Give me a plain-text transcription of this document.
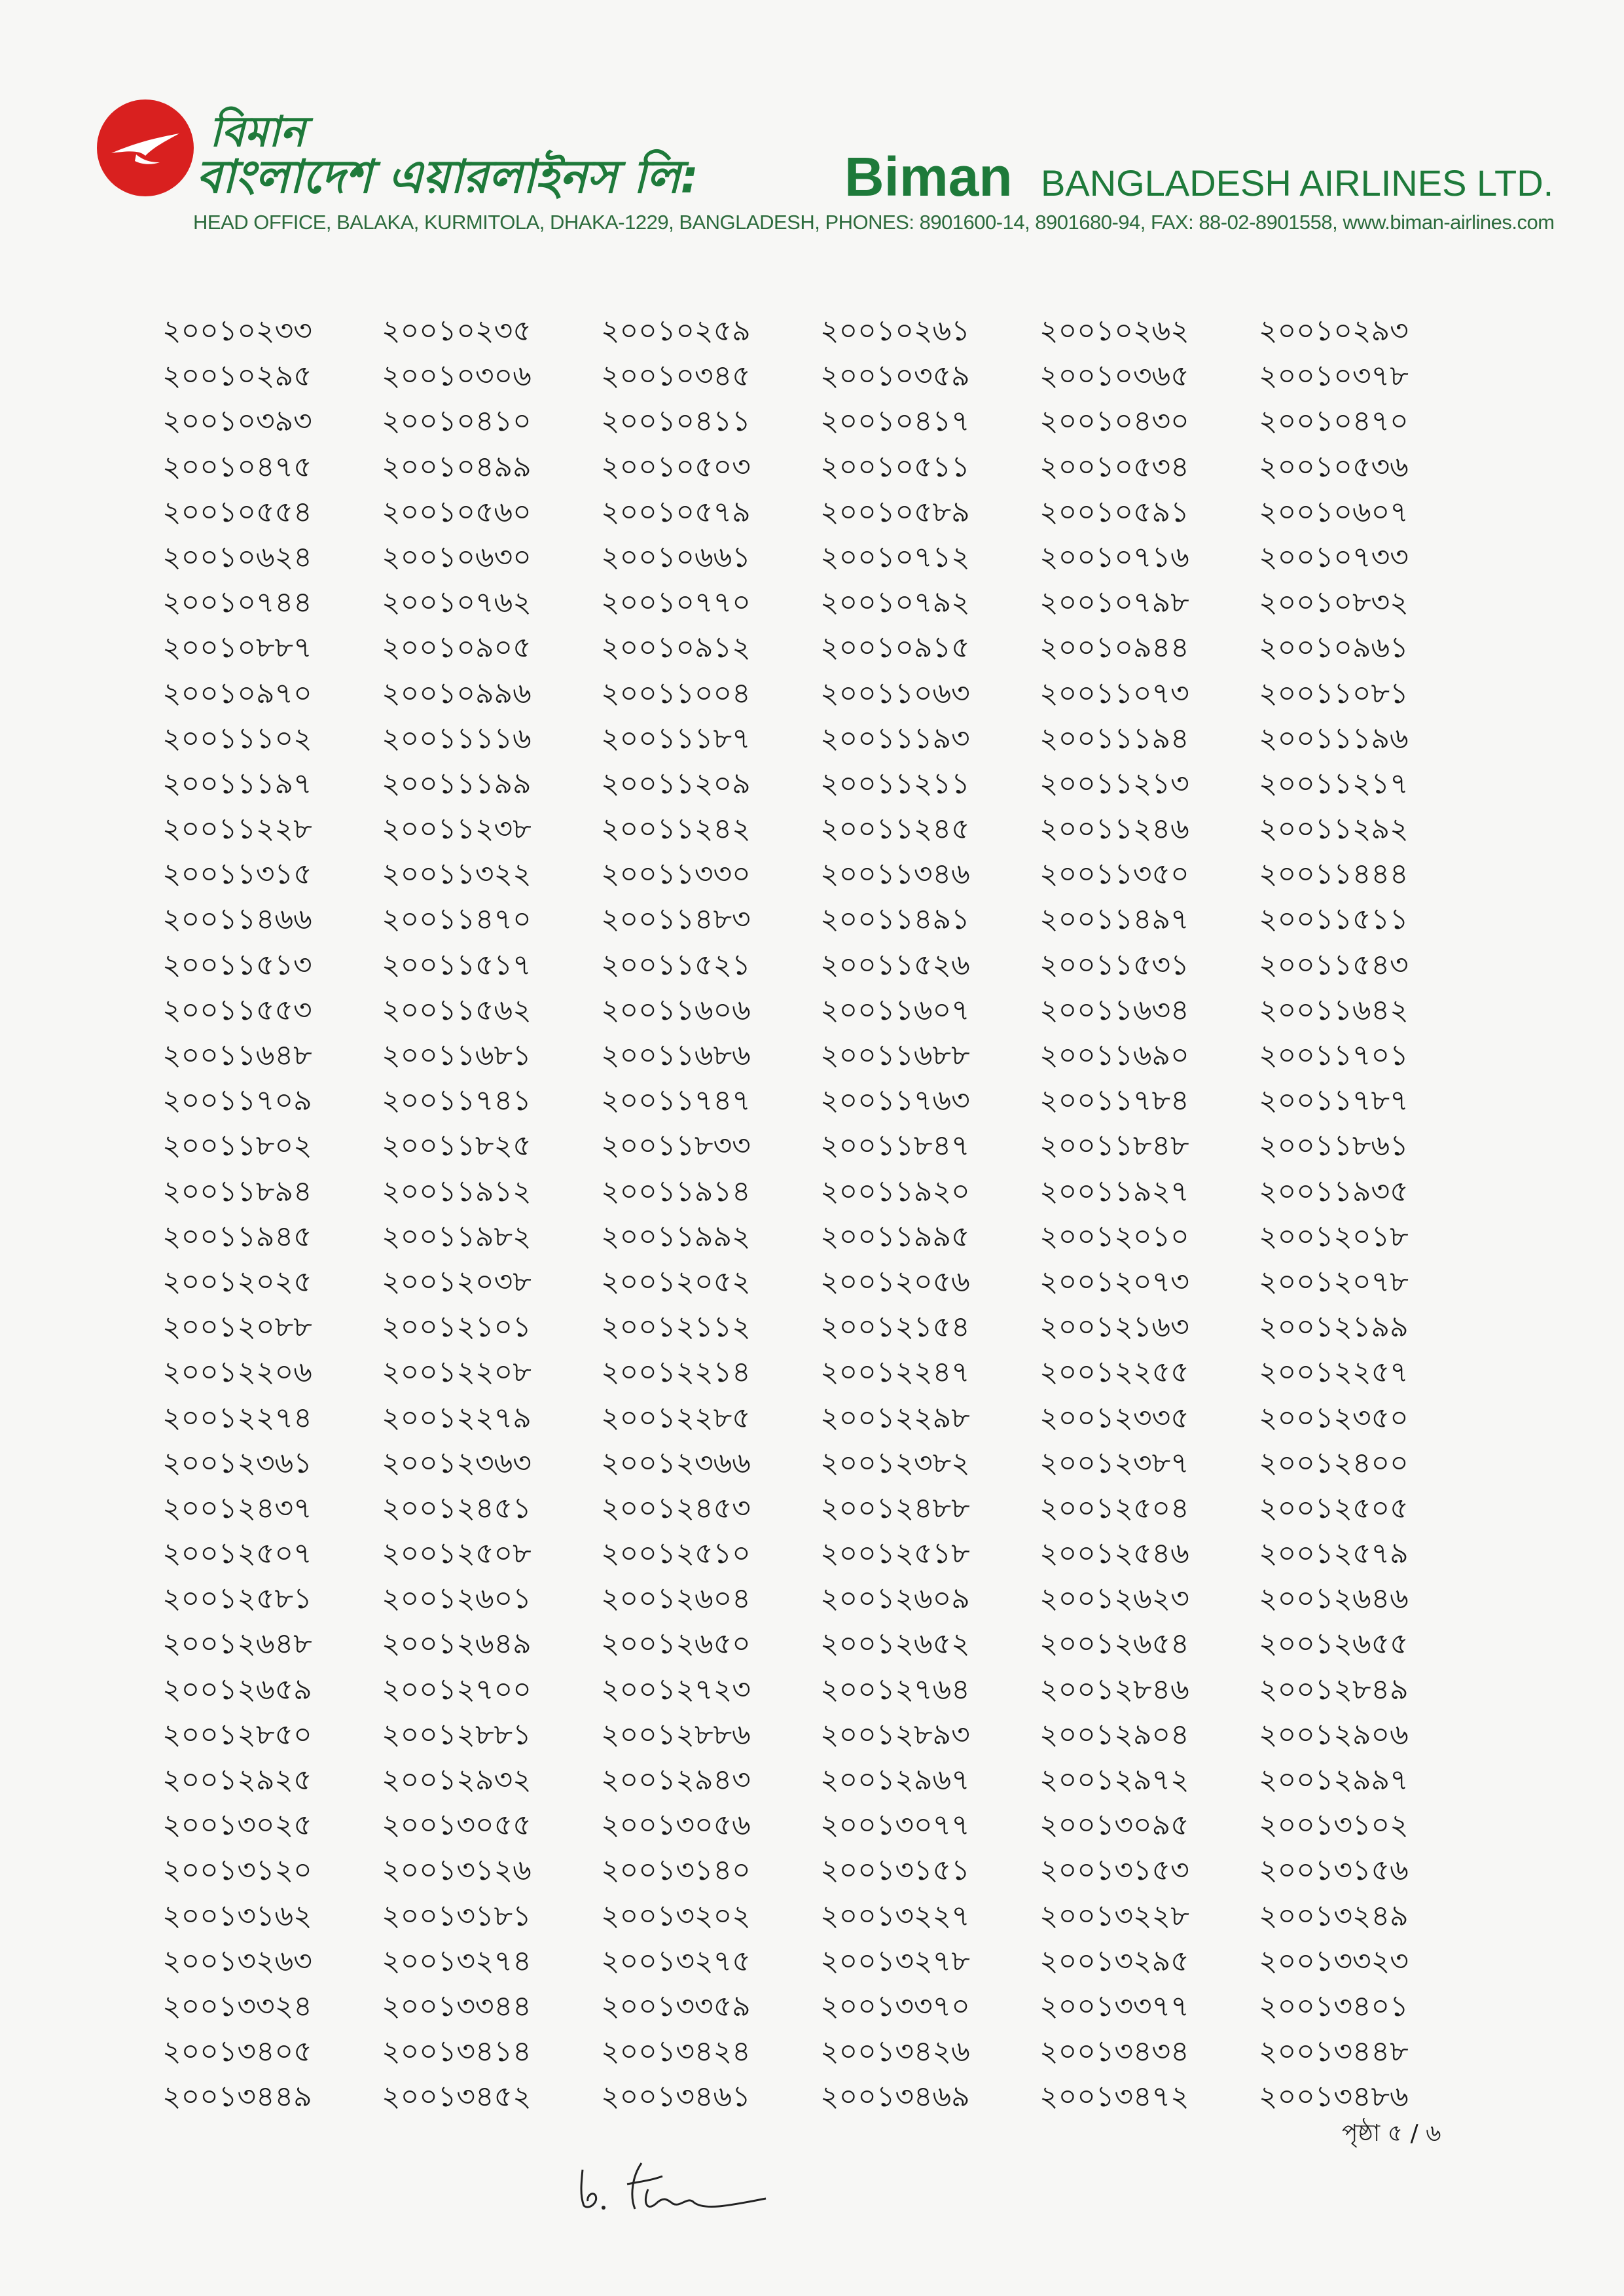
বিমান
বাংলাদেশ এয়ারলাইনস লি:	Biman BANGLADESH AIRLINES LTD.
HEAD OFFICE, BALAKA, KURMITOLA, DHAKA-1229, BANGLADESH, PHONES: 8901600-14, 8901680-94, FAX: 88-02-8901558, www.biman-airlines.com
২০০১০২৩৩	২০০১০২৩৫	২০০১০২৫৯	২০০১০২৬১	২০০১০২৬২	২০০১০২৯৩
২০০১০২৯৫	২০০১০৩০৬	২০০১০৩৪৫	২০০১০৩৫৯	২০০১০৩৬৫	২০০১০৩৭৮
২০০১০৩৯৩	২০০১০৪১০	২০০১০৪১১	২০০১০৪১৭	২০০১০৪৩০	২০০১০৪৭০
২০০১০৪৭৫	২০০১০৪৯৯	২০০১০৫০৩	২০০১০৫১১	২০০১০৫৩৪	২০০১০৫৩৬
২০০১০৫৫৪	২০০১০৫৬০	২০০১০৫৭৯	২০০১০৫৮৯	২০০১০৫৯১	২০০১০৬০৭
২০০১০৬২৪	২০০১০৬৩০	২০০১০৬৬১	২০০১০৭১২	২০০১০৭১৬	২০০১০৭৩৩
২০০১০৭৪৪	২০০১০৭৬২	২০০১০৭৭০	২০০১০৭৯২	২০০১০৭৯৮	২০০১০৮৩২
২০০১০৮৮৭	২০০১০৯০৫	২০০১০৯১২	২০০১০৯১৫	২০০১০৯৪৪	২০০১০৯৬১
২০০১০৯৭০	২০০১০৯৯৬	২০০১১০০৪	২০০১১০৬৩	২০০১১০৭৩	২০০১১০৮১
২০০১১১০২	২০০১১১১৬	২০০১১১৮৭	২০০১১১৯৩	২০০১১১৯৪	২০০১১১৯৬
২০০১১১৯৭	২০০১১১৯৯	২০০১১২০৯	২০০১১২১১	২০০১১২১৩	২০০১১২১৭
২০০১১২২৮	২০০১১২৩৮	২০০১১২৪২	২০০১১২৪৫	২০০১১২৪৬	২০০১১২৯২
২০০১১৩১৫	২০০১১৩২২	২০০১১৩৩০	২০০১১৩৪৬	২০০১১৩৫০	২০০১১৪৪৪
২০০১১৪৬৬	২০০১১৪৭০	২০০১১৪৮৩	২০০১১৪৯১	২০০১১৪৯৭	২০০১১৫১১
২০০১১৫১৩	২০০১১৫১৭	২০০১১৫২১	২০০১১৫২৬	২০০১১৫৩১	২০০১১৫৪৩
২০০১১৫৫৩	২০০১১৫৬২	২০০১১৬০৬	২০০১১৬০৭	২০০১১৬৩৪	২০০১১৬৪২
২০০১১৬৪৮	২০০১১৬৮১	২০০১১৬৮৬	২০০১১৬৮৮	২০০১১৬৯০	২০০১১৭০১
২০০১১৭০৯	২০০১১৭৪১	২০০১১৭৪৭	২০০১১৭৬৩	২০০১১৭৮৪	২০০১১৭৮৭
২০০১১৮০২	২০০১১৮২৫	২০০১১৮৩৩	২০০১১৮৪৭	২০০১১৮৪৮	২০০১১৮৬১
২০০১১৮৯৪	২০০১১৯১২	২০০১১৯১৪	২০০১১৯২০	২০০১১৯২৭	২০০১১৯৩৫
২০০১১৯৪৫	২০০১১৯৮২	২০০১১৯৯২	২০০১১৯৯৫	২০০১২০১০	২০০১২০১৮
২০০১২০২৫	২০০১২০৩৮	২০০১২০৫২	২০০১২০৫৬	২০০১২০৭৩	২০০১২০৭৮
২০০১২০৮৮	২০০১২১০১	২০০১২১১২	২০০১২১৫৪	২০০১২১৬৩	২০০১২১৯৯
২০০১২২০৬	২০০১২২০৮	২০০১২২১৪	২০০১২২৪৭	২০০১২২৫৫	২০০১২২৫৭
২০০১২২৭৪	২০০১২২৭৯	২০০১২২৮৫	২০০১২২৯৮	২০০১২৩৩৫	২০০১২৩৫০
২০০১২৩৬১	২০০১২৩৬৩	২০০১২৩৬৬	২০০১২৩৮২	২০০১২৩৮৭	২০০১২৪০০
২০০১২৪৩৭	২০০১২৪৫১	২০০১২৪৫৩	২০০১২৪৮৮	২০০১২৫০৪	২০০১২৫০৫
২০০১২৫০৭	২০০১২৫০৮	২০০১২৫১০	২০০১২৫১৮	২০০১২৫৪৬	২০০১২৫৭৯
২০০১২৫৮১	২০০১২৬০১	২০০১২৬০৪	২০০১২৬০৯	২০০১২৬২৩	২০০১২৬৪৬
২০০১২৬৪৮	২০০১২৬৪৯	২০০১২৬৫০	২০০১২৬৫২	২০০১২৬৫৪	২০০১২৬৫৫
২০০১২৬৫৯	২০০১২৭০০	২০০১২৭২৩	২০০১২৭৬৪	২০০১২৮৪৬	২০০১২৮৪৯
২০০১২৮৫০	২০০১২৮৮১	২০০১২৮৮৬	২০০১২৮৯৩	২০০১২৯০৪	২০০১২৯০৬
২০০১২৯২৫	২০০১২৯৩২	২০০১২৯৪৩	২০০১২৯৬৭	২০০১২৯৭২	২০০১২৯৯৭
২০০১৩০২৫	২০০১৩০৫৫	২০০১৩০৫৬	২০০১৩০৭৭	২০০১৩০৯৫	২০০১৩১০২
২০০১৩১২০	২০০১৩১২৬	২০০১৩১৪০	২০০১৩১৫১	২০০১৩১৫৩	২০০১৩১৫৬
২০০১৩১৬২	২০০১৩১৮১	২০০১৩২০২	২০০১৩২২৭	২০০১৩২২৮	২০০১৩২৪৯
২০০১৩২৬৩	২০০১৩২৭৪	২০০১৩২৭৫	২০০১৩২৭৮	২০০১৩২৯৫	২০০১৩৩২৩
২০০১৩৩২৪	২০০১৩৩৪৪	২০০১৩৩৫৯	২০০১৩৩৭০	২০০১৩৩৭৭	২০০১৩৪০১
২০০১৩৪০৫	২০০১৩৪১৪	২০০১৩৪২৪	২০০১৩৪২৬	২০০১৩৪৩৪	২০০১৩৪৪৮
২০০১৩৪৪৯	২০০১৩৪৫২	২০০১৩৪৬১	২০০১৩৪৬৯	২০০১৩৪৭২	২০০১৩৪৮৬
পৃষ্ঠা ৫ / ৬
